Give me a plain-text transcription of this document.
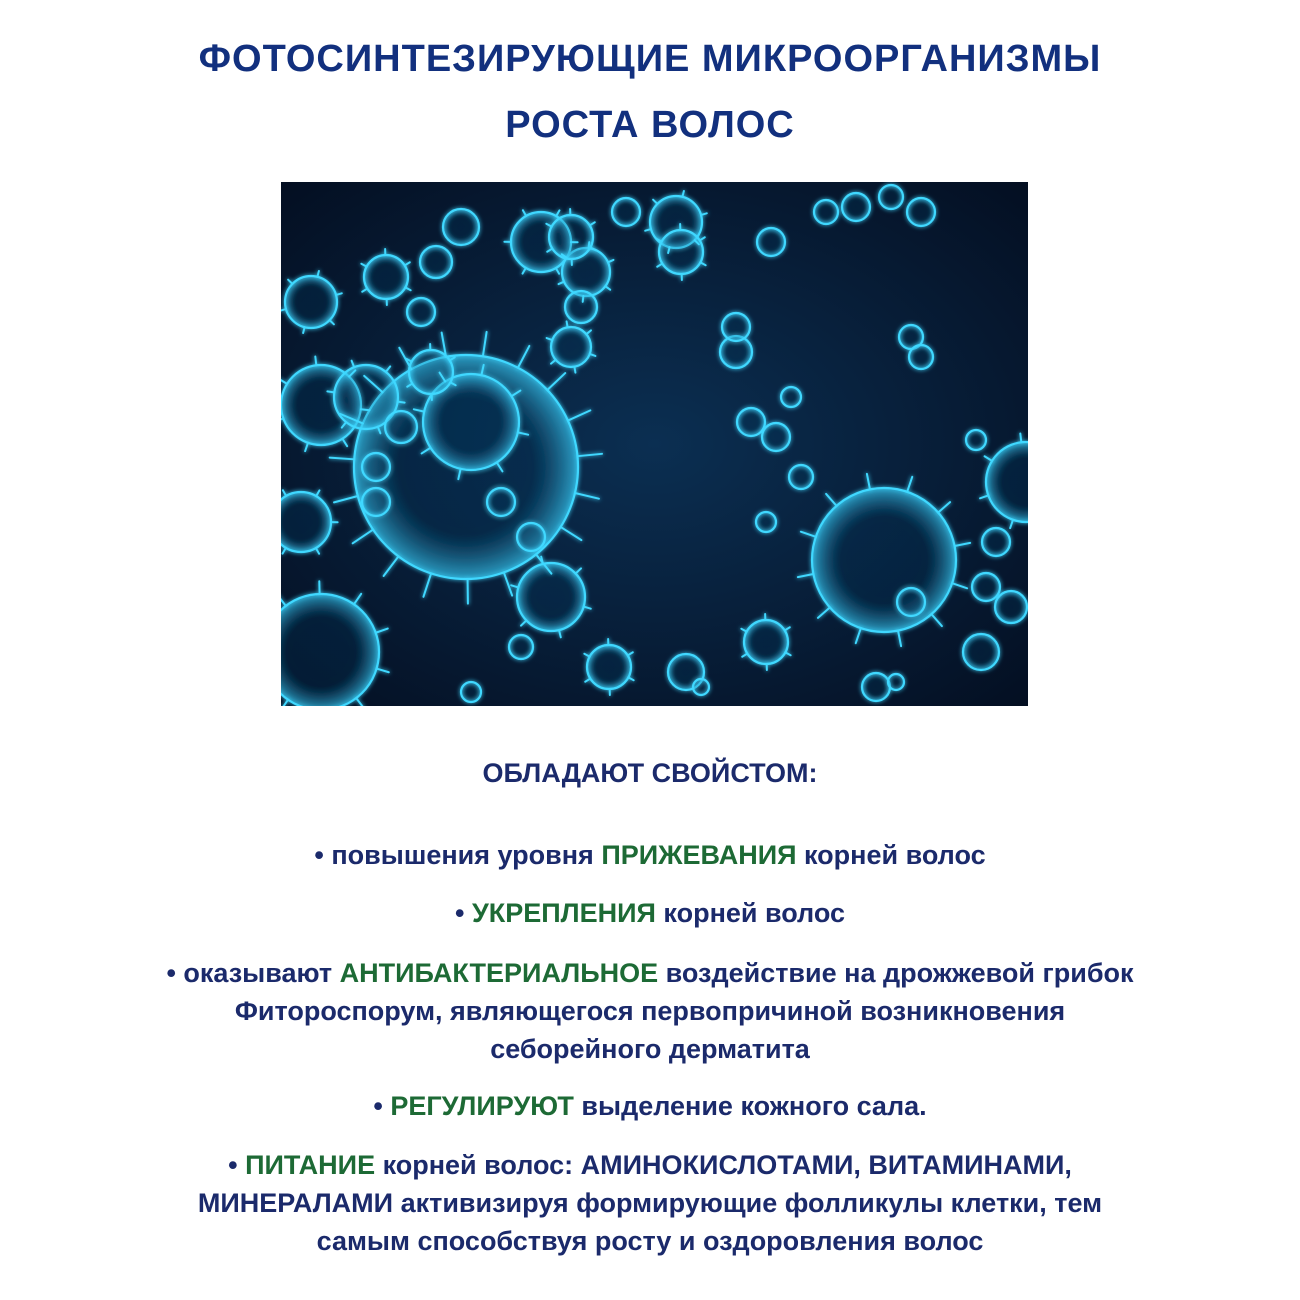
ФОТОСИНТЕЗИРУЮЩИЕ МИКРООРГАНИЗМЫ
РОСТА ВОЛОС

ОБЛАДАЮТ СВОЙСТОМ:

• повышения уровня ПРИЖЕВАНИЯ корней волос

• УКРЕПЛЕНИЯ корней волос

• оказывают АНТИБАКТЕРИАЛЬНОЕ воздействие на дрожжевой грибок
Фитороспорум, являющегося первопричиной возникновения
себорейного дерматита

• РЕГУЛИРУЮТ выделение кожного сала.

• ПИТАНИЕ корней волос: АМИНОКИСЛОТАМИ, ВИТАМИНАМИ,
МИНЕРАЛАМИ активизируя формирующие фолликулы клетки, тем
самым способствуя росту и оздоровления волос
